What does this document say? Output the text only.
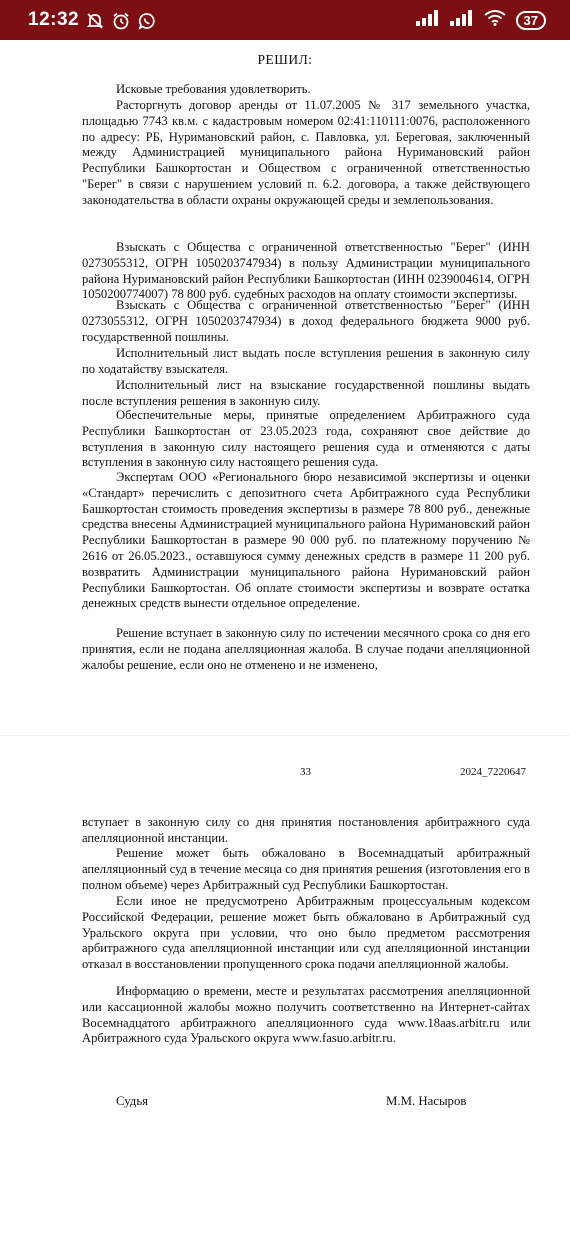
12:32	37
РЕШИЛ:

Исковые требования удовлетворить.

Расторгнуть договор аренды от 11.07.2005 № 317 земельного участка, площадью 7743 кв.м. с кадастровым номером 02:41:110111:0076, расположенного по адресу: РБ, Нуримановский район, с. Павловка, ул. Береговая, заключенный между Администрацией муниципального района Нуримановский район Республики Башкортостан и Обществом с ограниченной ответственностью "Берег" в связи с нарушением условий п. 6.2. договора, а также действующего законодательства в области охраны окружающей среды и землепользования.

Взыскать с Общества с ограниченной ответственностью "Берег" (ИНН 0273055312, ОГРН 1050203747934) в пользу Администрации муниципального района Нуримановский район Республики Башкортостан (ИНН 0239004614, ОГРН 1050200774007) 78 800 руб. судебных расходов на оплату стоимости экспертизы.

Взыскать с Общества с ограниченной ответственностью "Берег" (ИНН 0273055312, ОГРН 1050203747934) в доход федерального бюджета 9000 руб. государственной пошлины.

Исполнительный лист выдать после вступления решения в законную силу по ходатайству взыскателя.

Исполнительный лист на взыскание государственной пошлины выдать после вступления решения в законную силу.

Обеспечительные меры, принятые определением Арбитражного суда Республики Башкортостан от 23.05.2023 года, сохраняют свое действие до вступления в законную силу настоящего решения суда и отменяются с даты вступления в законную силу настоящего решения суда.

Экспертам ООО «Регионального бюро независимой экспертизы и оценки «Стандарт» перечислить с депозитного счета Арбитражного суда Республики Башкортостан стоимость проведения экспертизы в размере 78 800 руб., денежные средства внесены Администрацией муниципального района Нуримановский район Республики Башкортостан в размере 90 000 руб. по платежному поручению № 2616 от 26.05.2023., оставшуюся сумму денежных средств в размере 11 200 руб. возвратить Администрации муниципального района Нуримановский район Республики Башкортостан. Об оплате стоимости экспертизы и возврате остатка денежных средств вынести отдельное определение.

Решение вступает в законную силу по истечении месячного срока со дня его принятия, если не подана апелляционная жалоба. В случае подачи апелляционной жалобы решение, если оно не отменено и не изменено,

33	2024_7220647

вступает в законную силу со дня принятия постановления арбитражного суда апелляционной инстанции.

Решение может быть обжаловано в Восемнадцатый арбитражный апелляционный суд в течение месяца со дня принятия решения (изготовления его в полном объеме) через Арбитражный суд Республики Башкортостан.

Если иное не предусмотрено Арбитражным процессуальным кодексом Российской Федерации, решение может быть обжаловано в Арбитражный суд Уральского округа при условии, что оно было предметом рассмотрения арбитражного суда апелляционной инстанции или суд апелляционной инстанции отказал в восстановлении пропущенного срока подачи апелляционной жалобы.

Информацию о времени, месте и результатах рассмотрения апелляционной или кассационной жалобы можно получить соответственно на Интернет-сайтах Восемнадцатого арбитражного апелляционного суда www.18aas.arbitr.ru или Арбитражного суда Уральского округа www.fasuo.arbitr.ru.

Судья	М.М. Насыров
